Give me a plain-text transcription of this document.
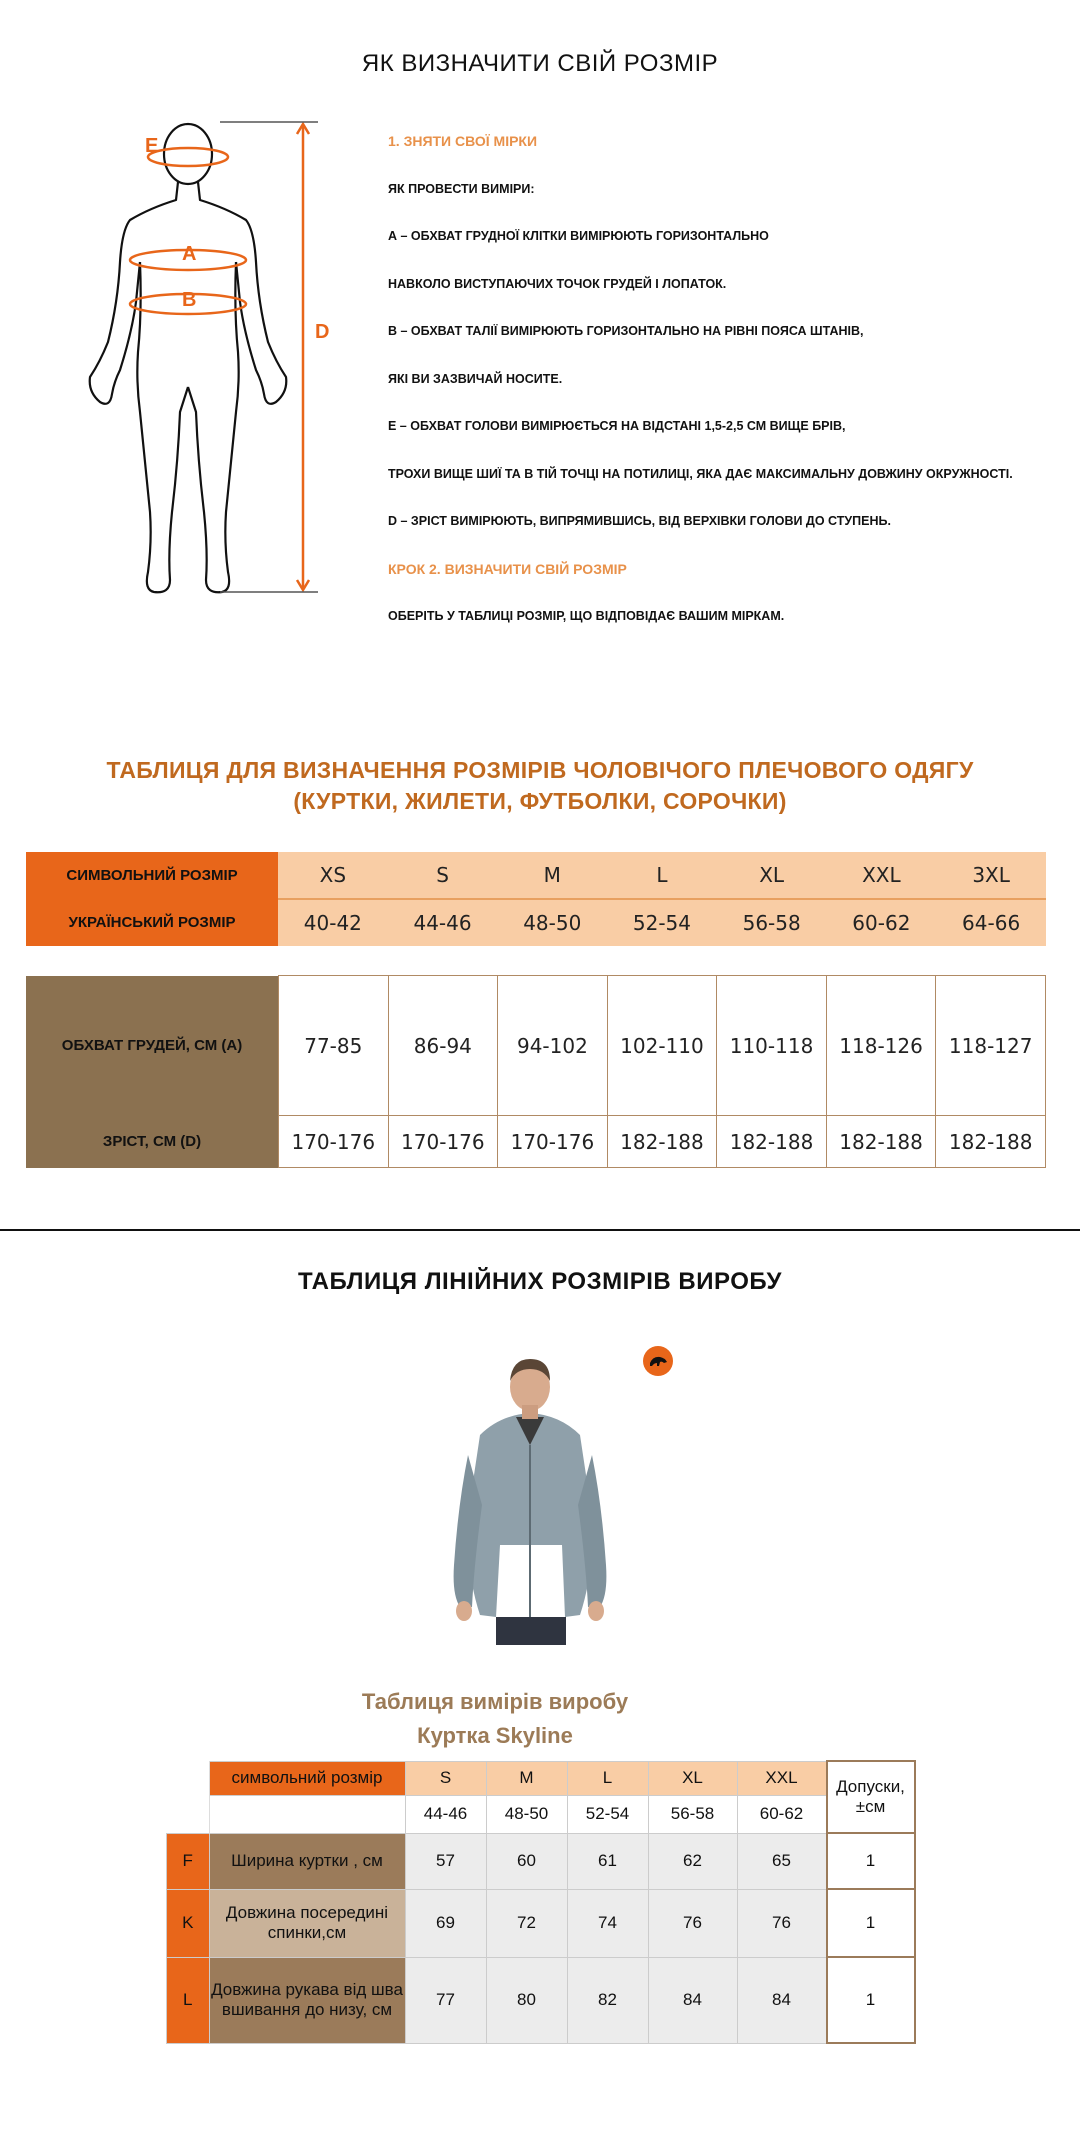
ЯК ВИЗНАЧИТИ СВІЙ РОЗМІР
E
A
B
D
1. ЗНЯТИ СВОЇ МІРКИ
ЯК ПРОВЕСТИ ВИМІРИ:
А – ОБХВАТ ГРУДНОЇ КЛІТКИ ВИМІРЮЮТЬ ГОРИЗОНТАЛЬНО
НАВКОЛО ВИСТУПАЮЧИХ ТОЧОК ГРУДЕЙ І ЛОПАТОК.
В – ОБХВАТ ТАЛІЇ ВИМІРЮЮТЬ ГОРИЗОНТАЛЬНО НА РІВНІ ПОЯСА ШТАНІВ,
ЯКІ ВИ ЗАЗВИЧАЙ НОСИТЕ.
Е – ОБХВАТ ГОЛОВИ ВИМІРЮЄТЬСЯ НА ВІДСТАНІ 1,5-2,5 СМ ВИЩЕ БРІВ,
ТРОХИ ВИЩЕ ШИЇ ТА В ТІЙ ТОЧЦІ НА ПОТИЛИЦІ, ЯКА ДАЄ МАКСИМАЛЬНУ ДОВЖИНУ ОКРУЖНОСТІ.
D – ЗРІСТ ВИМІРЮЮТЬ, ВИПРЯМИВШИСЬ, ВІД ВЕРХІВКИ ГОЛОВИ ДО СТУПЕНЬ.
КРОК 2. ВИЗНАЧИТИ СВІЙ РОЗМІР
ОБЕРІТЬ У ТАБЛИЦІ РОЗМІР, ЩО ВІДПОВІДАЄ ВАШИМ МІРКАМ.
ТАБЛИЦЯ ДЛЯ ВИЗНАЧЕННЯ РОЗМІРІВ ЧОЛОВІЧОГО ПЛЕЧОВОГО ОДЯГУ
(КУРТКИ, ЖИЛЕТИ, ФУТБОЛКИ, СОРОЧКИ)
СИМВОЛЬНИЙ РОЗМІР	XS	S	M	L	XL	XXL	3XL
УКРАЇНСЬКИЙ РОЗМІР	40-42	44-46	48-50	52-54	56-58	60-62	64-66
ОБХВАТ ГРУДЕЙ, СМ (А)	77-85	86-94	94-102	102-110	110-118	118-126	118-127
ЗРІСТ, СМ (D)	170-176	170-176	170-176	182-188	182-188	182-188	182-188
ТАБЛИЦЯ ЛІНІЙНИХ РОЗМІРІВ ВИРОБУ
Таблиця вимірів виробу
Куртка Skyline
	символьний розмір	S	M	L	XL	XXL	Допуски, ±см
		44-46	48-50	52-54	56-58	60-62	
F	Ширина куртки , см	57	60	61	62	65	1
K	Довжина посередині спинки,см	69	72	74	76	76	1
L	Довжина рукава від шва вшивання до низу, см	77	80	82	84	84	1
